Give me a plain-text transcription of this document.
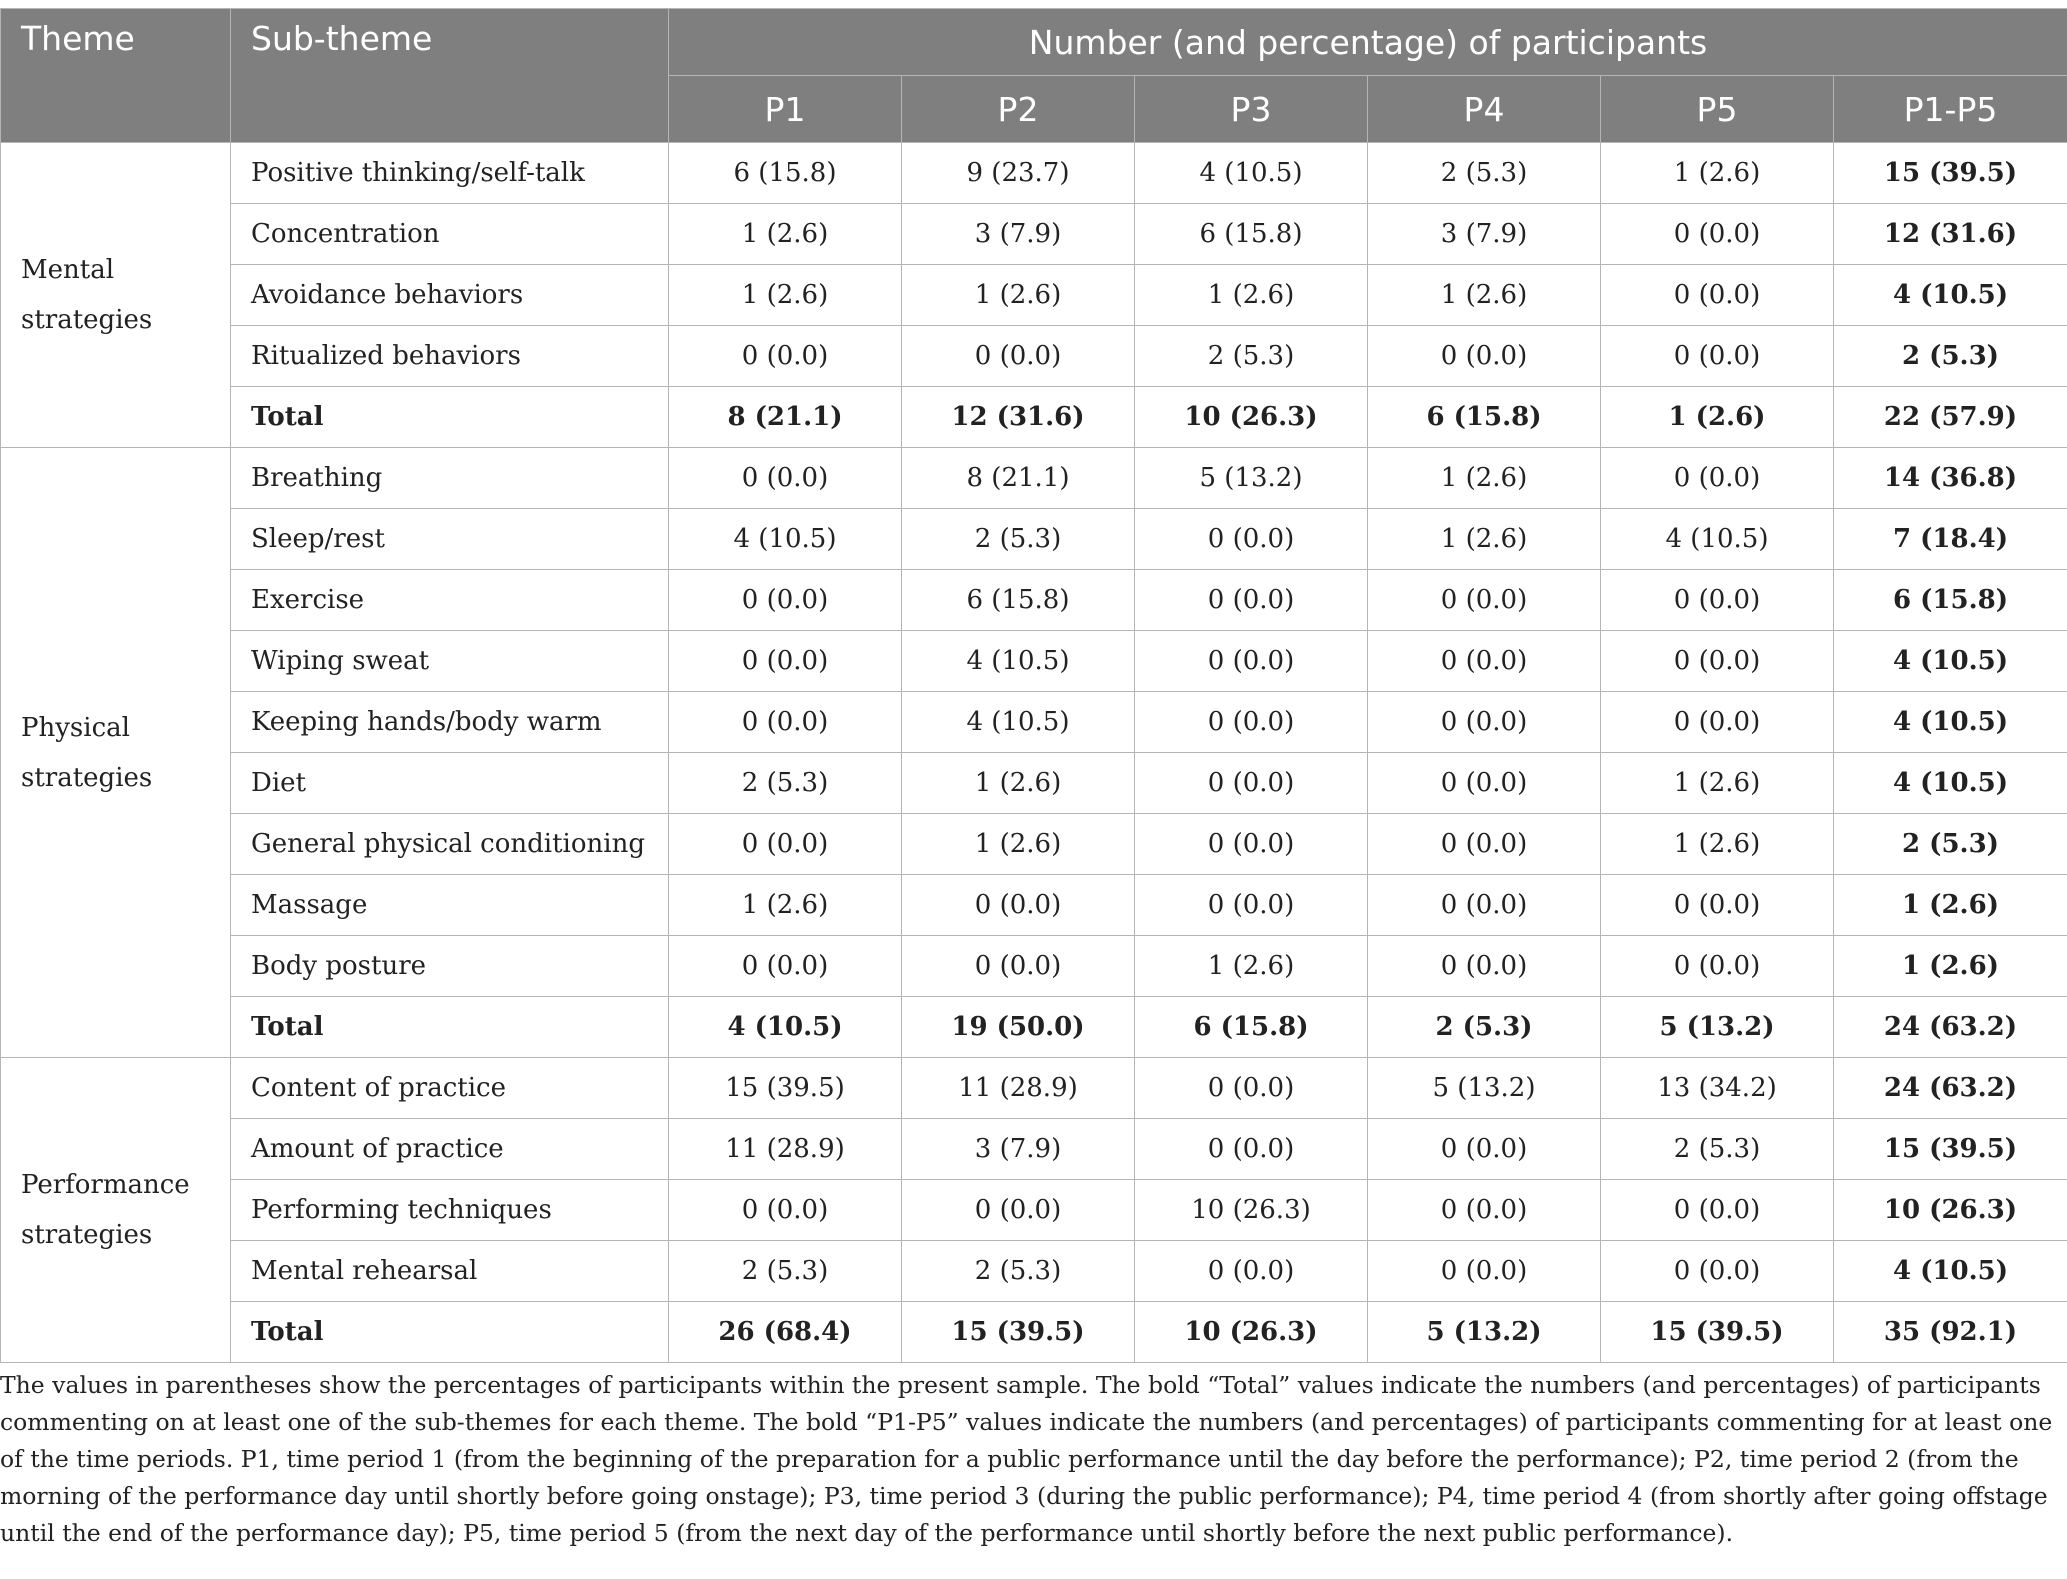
Theme	Sub-theme	Number (and percentage) of participants					
		P1	P2	P3	P4	P5	P1-P5

Mental strategies	Positive thinking/self-talk	6 (15.8)	9 (23.7)	4 (10.5)	2 (5.3)	1 (2.6)	15 (39.5)
	Concentration	1 (2.6)	3 (7.9)	6 (15.8)	3 (7.9)	0 (0.0)	12 (31.6)
	Avoidance behaviors	1 (2.6)	1 (2.6)	1 (2.6)	1 (2.6)	0 (0.0)	4 (10.5)
	Ritualized behaviors	0 (0.0)	0 (0.0)	2 (5.3)	0 (0.0)	0 (0.0)	2 (5.3)
	Total	8 (21.1)	12 (31.6)	10 (26.3)	6 (15.8)	1 (2.6)	22 (57.9)

Physical strategies	Breathing	0 (0.0)	8 (21.1)	5 (13.2)	1 (2.6)	0 (0.0)	14 (36.8)
	Sleep/rest	4 (10.5)	2 (5.3)	0 (0.0)	1 (2.6)	4 (10.5)	7 (18.4)
	Exercise	0 (0.0)	6 (15.8)	0 (0.0)	0 (0.0)	0 (0.0)	6 (15.8)
	Wiping sweat	0 (0.0)	4 (10.5)	0 (0.0)	0 (0.0)	0 (0.0)	4 (10.5)
	Keeping hands/body warm	0 (0.0)	4 (10.5)	0 (0.0)	0 (0.0)	0 (0.0)	4 (10.5)
	Diet	2 (5.3)	1 (2.6)	0 (0.0)	0 (0.0)	1 (2.6)	4 (10.5)
	General physical conditioning	0 (0.0)	1 (2.6)	0 (0.0)	0 (0.0)	1 (2.6)	2 (5.3)
	Massage	1 (2.6)	0 (0.0)	0 (0.0)	0 (0.0)	0 (0.0)	1 (2.6)
	Body posture	0 (0.0)	0 (0.0)	1 (2.6)	0 (0.0)	0 (0.0)	1 (2.6)
	Total	4 (10.5)	19 (50.0)	6 (15.8)	2 (5.3)	5 (13.2)	24 (63.2)

Performance strategies	Content of practice	15 (39.5)	11 (28.9)	0 (0.0)	5 (13.2)	13 (34.2)	24 (63.2)
	Amount of practice	11 (28.9)	3 (7.9)	0 (0.0)	0 (0.0)	2 (5.3)	15 (39.5)
	Performing techniques	0 (0.0)	0 (0.0)	10 (26.3)	0 (0.0)	0 (0.0)	10 (26.3)
	Mental rehearsal	2 (5.3)	2 (5.3)	0 (0.0)	0 (0.0)	0 (0.0)	4 (10.5)
	Total	26 (68.4)	15 (39.5)	10 (26.3)	5 (13.2)	15 (39.5)	35 (92.1)

The values in parentheses show the percentages of participants within the present sample. The bold “Total” values indicate the numbers (and percentages) of participants commenting on at least one of the sub-themes for each theme. The bold “P1-P5” values indicate the numbers (and percentages) of participants commenting for at least one of the time periods. P1, time period 1 (from the beginning of the preparation for a public performance until the day before the performance); P2, time period 2 (from the morning of the performance day until shortly before going onstage); P3, time period 3 (during the public performance); P4, time period 4 (from shortly after going offstage until the end of the performance day); P5, time period 5 (from the next day of the performance until shortly before the next public performance).
